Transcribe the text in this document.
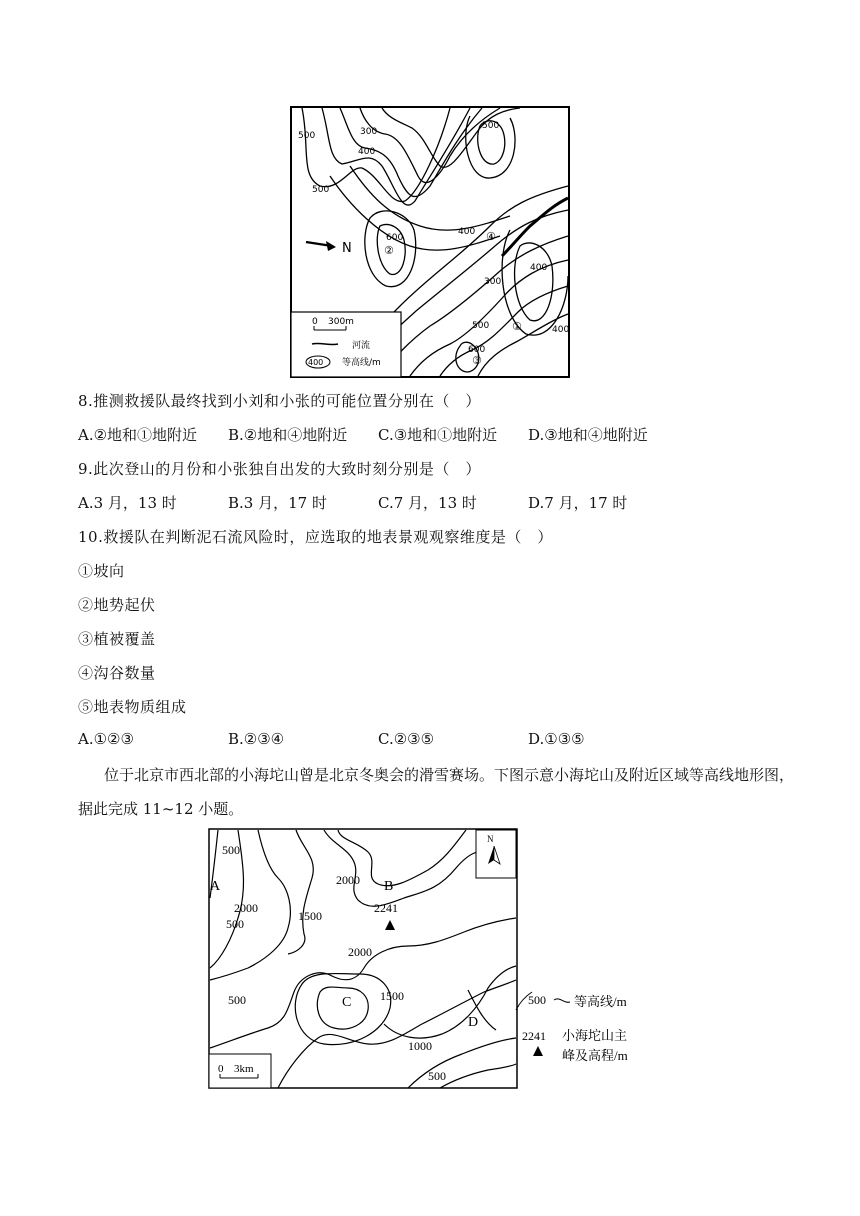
500	300
400
500
500
600
400
300
400
500	400
600
②
④
①
③
N
0 300m
河流
400 等高线/m
8.推测救援队最终找到小刘和小张的可能位置分别在（　）
A.②地和①地附近 B.②地和④地附近 C.③地和①地附近 D.③地和④地附近
9.此次登山的月份和小张独自出发的大致时刻分别是（　）
A.3 月，13 时	B.3 月，17 时	C.7 月，13 时	D.7 月，17 时
10.救援队在判断泥石流风险时，应选取的地表景观观察维度是（　）
①坡向
②地势起伏
③植被覆盖
④沟谷数量
⑤地表物质组成
A.①②③	B.②③④	C.②③⑤	D.①③⑤
位于北京市西北部的小海坨山曾是北京冬奥会的滑雪赛场。下图示意小海坨山及附近区域等高线地形图，据此完成 11~12 小题。
A	B
C
D
500
500
2000
1500
2000
500
2000
1500
1000
500
2241
N
0 3km
500 等高线/m
2241 小海坨山主
峰及高程/m
